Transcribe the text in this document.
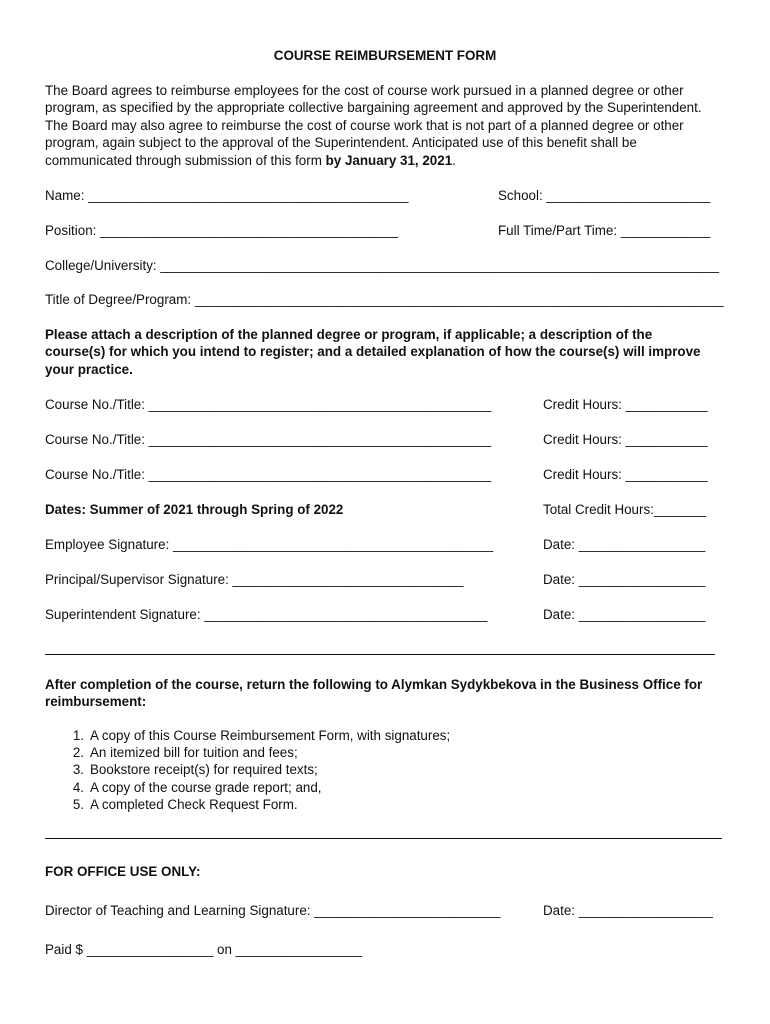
COURSE REIMBURSEMENT FORM
The Board agrees to reimburse employees for the cost of course work pursued in a planned degree or other
program, as specified by the appropriate collective bargaining agreement and approved by the Superintendent.
The Board may also agree to reimburse the cost of course work that is not part of a planned degree or other
program, again subject to the approval of the Superintendent. Anticipated use of this benefit shall be
communicated through submission of this form by January 31, 2021.
Name: ___________________________________________	School: ______________________
Position: ________________________________________	Full Time/Part Time: ____________
College/University: ___________________________________________________________________________
Title of Degree/Program: _______________________________________________________________________
Please attach a description of the planned degree or program, if applicable; a description of the
course(s) for which you intend to register; and a detailed explanation of how the course(s) will improve
your practice.
Course No./Title: ______________________________________________	Credit Hours: ___________
Course No./Title: ______________________________________________	Credit Hours: ___________
Course No./Title: ______________________________________________	Credit Hours: ___________
Dates: Summer of 2021 through Spring of 2022	Total Credit Hours:_______
Employee Signature: ___________________________________________	Date: _________________
Principal/Supervisor Signature: _______________________________	Date: _________________
Superintendent Signature: ______________________________________	Date: _________________
After completion of the course, return the following to Alymkan Sydykbekova in the Business Office for
reimbursement:
1. A copy of this Course Reimbursement Form, with signatures;
2. An itemized bill for tuition and fees;
3. Bookstore receipt(s) for required texts;
4. A copy of the course grade report; and,
5. A completed Check Request Form.
FOR OFFICE USE ONLY:
Director of Teaching and Learning Signature: _________________________	Date: __________________
Paid $ _________________ on _________________
